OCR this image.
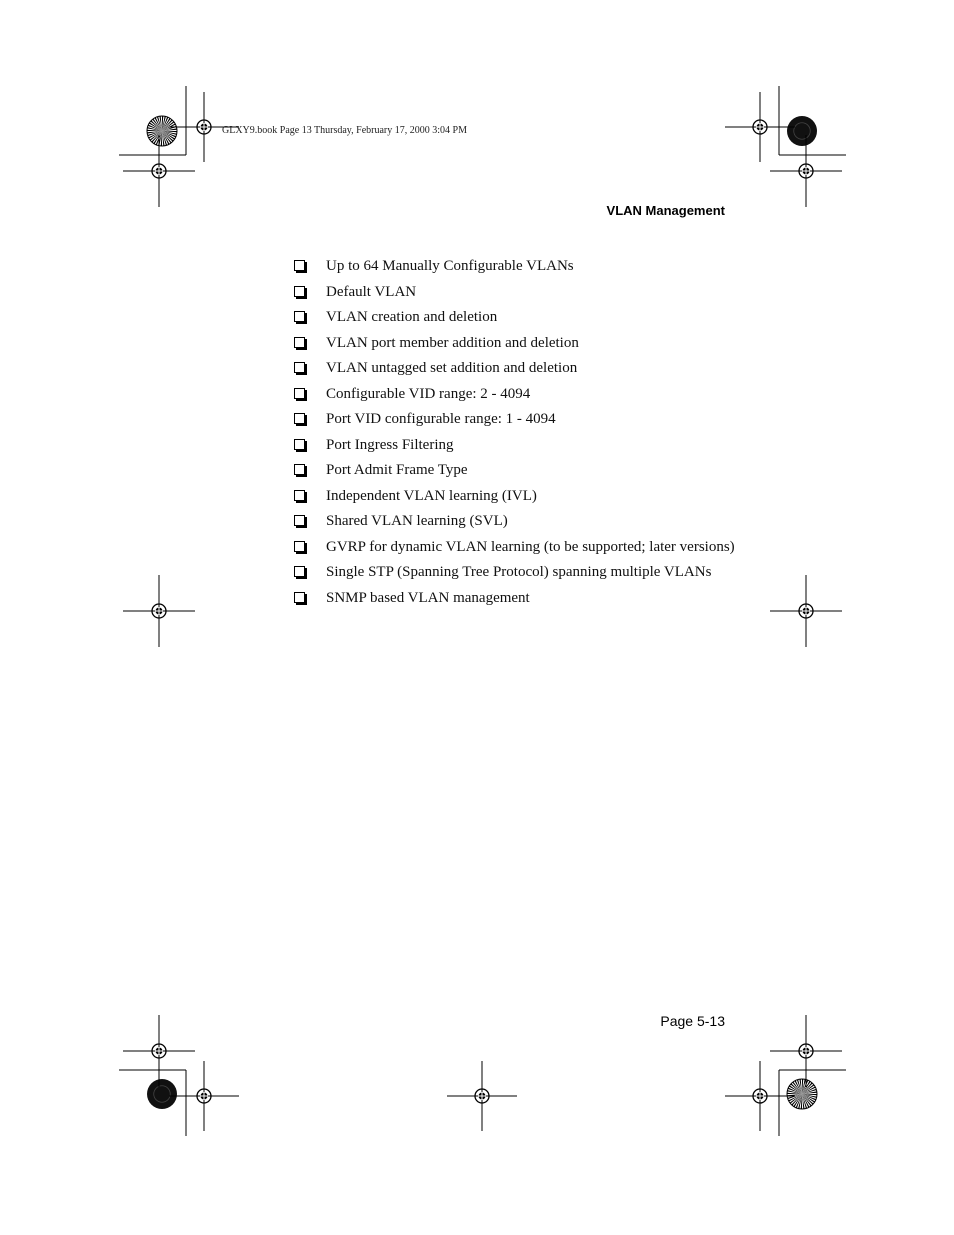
GLXY9.book Page 13 Thursday, February 17, 2000 3:04 PM
VLAN Management
Up to 64 Manually Configurable VLANs
Default VLAN
VLAN creation and deletion
VLAN port member addition and deletion
VLAN untagged set addition and deletion
Configurable VID range: 2 - 4094
Port VID configurable range: 1 - 4094
Port Ingress Filtering
Port Admit Frame Type
Independent VLAN learning (IVL)
Shared VLAN learning (SVL)
GVRP for dynamic VLAN learning (to be supported; later versions)
Single STP (Spanning Tree Protocol) spanning multiple VLANs
SNMP based VLAN management
Page 5-13
